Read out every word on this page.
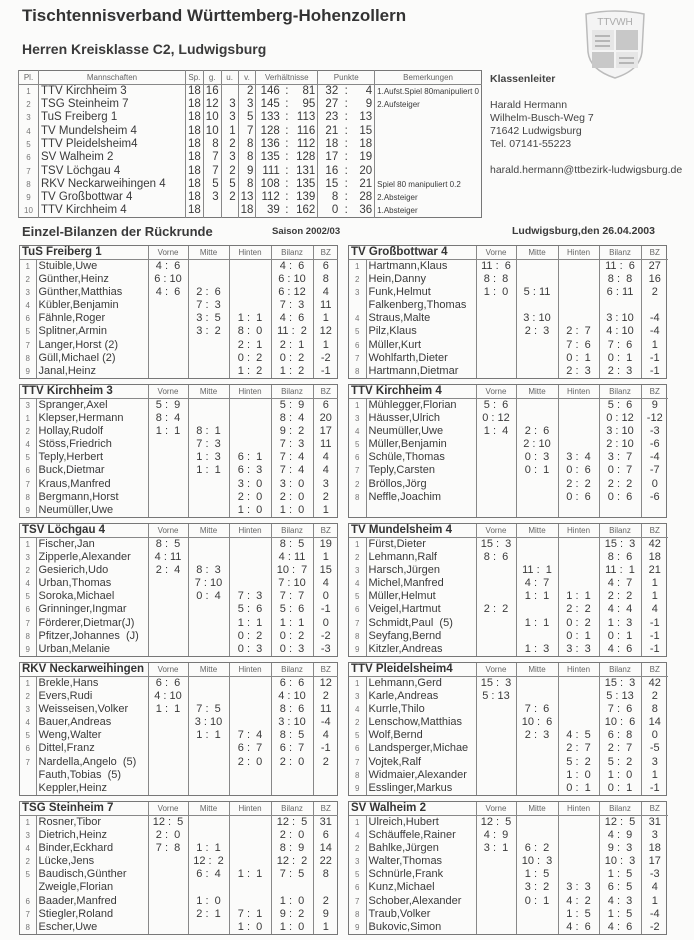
Tischtennisverband Württemberg-Hohenzollern
Herren Kreisklasse C2, Ludwigsburg
TTVWH
Pl.	Mannschaften	Sp.	g.	u.	v.	Verhältnisse			Punkte			Bemerkungen
1	TTV Kirchheim 3	18	16		2	146	:	81	32	:	4	1.Aufst.Spiel 80manipuliert 0
2	TSG Steinheim 7	18	12	3	3	145	:	95	27	:	9	2.Aufsteiger
3	TuS Freiberg 1	18	10	3	5	133	:	113	23	:	13	
4	TV Mundelsheim 4	18	10	1	7	128	:	116	21	:	15	
5	TTV Pleidelsheim4	18	8	2	8	136	:	112	18	:	18	
6	SV Walheim 2	18	7	3	8	135	:	128	17	:	19	
7	TSV Löchgau 4	18	7	2	9	111	:	131	16	:	20	
8	RKV Neckarweihingen 4	18	5	5	8	108	:	135	15	:	21	Spiel 80 manipuliert 0.2
9	TV Großbottwar 4	18	3	2	13	112	:	139	8	:	28	2.Absteiger
10	TTV Kirchheim 4	18			18	39	:	162	0	:	36	1.Absteiger
Klassenleiter
Harald Hermann
Wilhelm-Busch-Weg 7
71642 Ludwigsburg
Tel. 07141-55223
harald.hermann@ttbezirk-ludwigsburg.de
Einzel-Bilanzen der Rückrunde	Saison 2002/03	Ludwigsburg,den 26.04.2003
TuS Freiberg 1		Vorne	Mitte	Hinten	Bilanz	BZ
1	Stuible,Uwe	4 :  6			4 :  6	6
2	Günther,Heinz	6 : 10			6 : 10	8
3	Günther,Matthias	4 :  6	2 :  6		6 : 12	4
4	Kübler,Benjamin		7 :  3		7 :  3	11
6	Fähnle,Roger		3 :  5	1 :  1	4 :  6	1
5	Splitner,Armin		3 :  2	8 :  0	11 :  2	12
7	Langer,Horst (2)			2 :  1	2 :  1	1
8	Güll,Michael (2)			0 :  2	0 :  2	-2
9	Janal,Heinz			1 :  2	1 :  2	-1
TV Großbottwar 4		Vorne	Mitte	Hinten	Bilanz	BZ
1	Hartmann,Klaus	11 :  6			11 :  6	27
2	Hein,Danny	8 :  8			8 :  8	16
3	Funk,Helmut	1 :  0	5 : 11		6 : 11	2
	Falkenberg,Thomas					
4	Straus,Malte		3 : 10		3 : 10	-4
5	Pilz,Klaus		2 :  3	2 :  7	4 : 10	-4
6	Müller,Kurt			7 :  6	7 :  6	1
7	Wohlfarth,Dieter			0 :  1	0 :  1	-1
8	Hartmann,Dietmar			2 :  3	2 :  3	-1
TTV Kirchheim 3		Vorne	Mitte	Hinten	Bilanz	BZ
3	Spranger,Axel	5 :  9			5 :  9	6
1	Klepser,Hermann	8 :  4			8 :  4	20
2	Hollay,Rudolf	1 :  1	8 :  1		9 :  2	17
4	Stöss,Friedrich		7 :  3		7 :  3	11
5	Teply,Herbert		1 :  3	6 :  1	7 :  4	4
6	Buck,Dietmar		1 :  1	6 :  3	7 :  4	4
7	Kraus,Manfred			3 :  0	3 :  0	3
8	Bergmann,Horst			2 :  0	2 :  0	2
9	Neumüller,Uwe			1 :  0	1 :  0	1
TTV Kirchheim 4		Vorne	Mitte	Hinten	Bilanz	BZ
1	Mühlegger,Florian	5 :  6			5 :  6	9
3	Häusser,Ulrich	0 : 12			0 : 12	-12
4	Neumüller,Uwe	1 :  4	2 :  6		3 : 10	-3
5	Müller,Benjamin		2 : 10		2 : 10	-6
6	Schüle,Thomas		0 :  3	3 :  4	3 :  7	-4
7	Teply,Carsten		0 :  1	0 :  6	0 :  7	-7
2	Bröllos,Jörg			2 :  2	2 :  2	0
8	Neffle,Joachim			0 :  6	0 :  6	-6

TSV Löchgau 4		Vorne	Mitte	Hinten	Bilanz	BZ
1	Fischer,Jan	8 :  5			8 :  5	19
3	Zipperle,Alexander	4 : 11			4 : 11	1
2	Gesierich,Udo	2 :  4	8 :  3		10 :  7	15
4	Urban,Thomas		7 : 10		7 : 10	4
5	Soroka,Michael		0 :  4	7 :  3	7 :  7	0
6	Grinninger,Ingmar			5 :  6	5 :  6	-1
7	Förderer,Dietmar(J)			1 :  1	1 :  1	0
8	Pfitzer,Johannes  (J)			0 :  2	0 :  2	-2
9	Urban,Melanie			0 :  3	0 :  3	-3
TV Mundelsheim 4		Vorne	Mitte	Hinten	Bilanz	BZ
1	Fürst,Dieter	15 :  3			15 :  3	42
2	Lehmann,Ralf	8 :  6			8 :  6	18
3	Harsch,Jürgen		11 :  1		11 :  1	21
4	Michel,Manfred		4 :  7		4 :  7	1
5	Müller,Helmut		1 :  1	1 :  1	2 :  2	1
6	Veigel,Hartmut	2 :  2		2 :  2	4 :  4	4
7	Schmidt,Paul  (5)		1 :  1	0 :  2	1 :  3	-1
8	Seyfang,Bernd			0 :  1	0 :  1	-1
9	Kitzler,Andreas		1 :  3	3 :  3	4 :  6	-1
RKV Neckarweihingen		Vorne	Mitte	Hinten	Bilanz	BZ
1	Brekle,Hans	6 :  6			6 :  6	12
2	Evers,Rudi	4 : 10			4 : 10	2
3	Weisseisen,Volker	1 :  1	7 :  5		8 :  6	11
4	Bauer,Andreas		3 : 10		3 : 10	-4
5	Weng,Walter		1 :  1	7 :  4	8 :  5	4
6	Dittel,Franz			6 :  7	6 :  7	-1
7	Nardella,Angelo  (5)			2 :  0	2 :  0	2
	Fauth,Tobias  (5)					
	Keppler,Heinz					
TTV Pleidelsheim4		Vorne	Mitte	Hinten	Bilanz	BZ
1	Lehmann,Gerd	15 :  3			15 :  3	42
3	Karle,Andreas	5 : 13			5 : 13	2
4	Kurrle,Thilo		7 :  6		7 :  6	8
2	Lenschow,Matthias		10 :  6		10 :  6	14
5	Wolf,Bernd		2 :  3	4 :  5	6 :  8	0
6	Landsperger,Michae			2 :  7	2 :  7	-5
7	Vojtek,Ralf			5 :  2	5 :  2	3
8	Widmaier,Alexander			1 :  0	1 :  0	1
9	Esslinger,Markus			0 :  1	0 :  1	-1
TSG Steinheim 7		Vorne	Mitte	Hinten	Bilanz	BZ
1	Rosner,Tibor	12 :  5			12 :  5	31
3	Dietrich,Heinz	2 :  0			2 :  0	6
4	Binder,Eckhard	7 :  8	1 :  1		8 :  9	14
2	Lücke,Jens		12 :  2		12 :  2	22
5	Baudisch,Günther		6 :  4	1 :  1	7 :  5	8
	Zweigle,Florian					
6	Baader,Manfred		1 :  0		1 :  0	2
7	Stiegler,Roland		2 :  1	7 :  1	9 :  2	9
8	Escher,Uwe			1 :  0	1 :  0	1
SV Walheim 2		Vorne	Mitte	Hinten	Bilanz	BZ
1	Ulreich,Hubert	12 :  5			12 :  5	31
4	Schäuffele,Rainer	4 :  9			4 :  9	3
2	Bahlke,Jürgen	3 :  1	6 :  2		9 :  3	18
3	Walter,Thomas		10 :  3		10 :  3	17
5	Schnürle,Frank		1 :  5		1 :  5	-3
6	Kunz,Michael		3 :  2	3 :  3	6 :  5	4
7	Schober,Alexander		0 :  1	4 :  2	4 :  3	1
8	Traub,Volker			1 :  5	1 :  5	-4
9	Bukovic,Simon			4 :  6	4 :  6	-2
